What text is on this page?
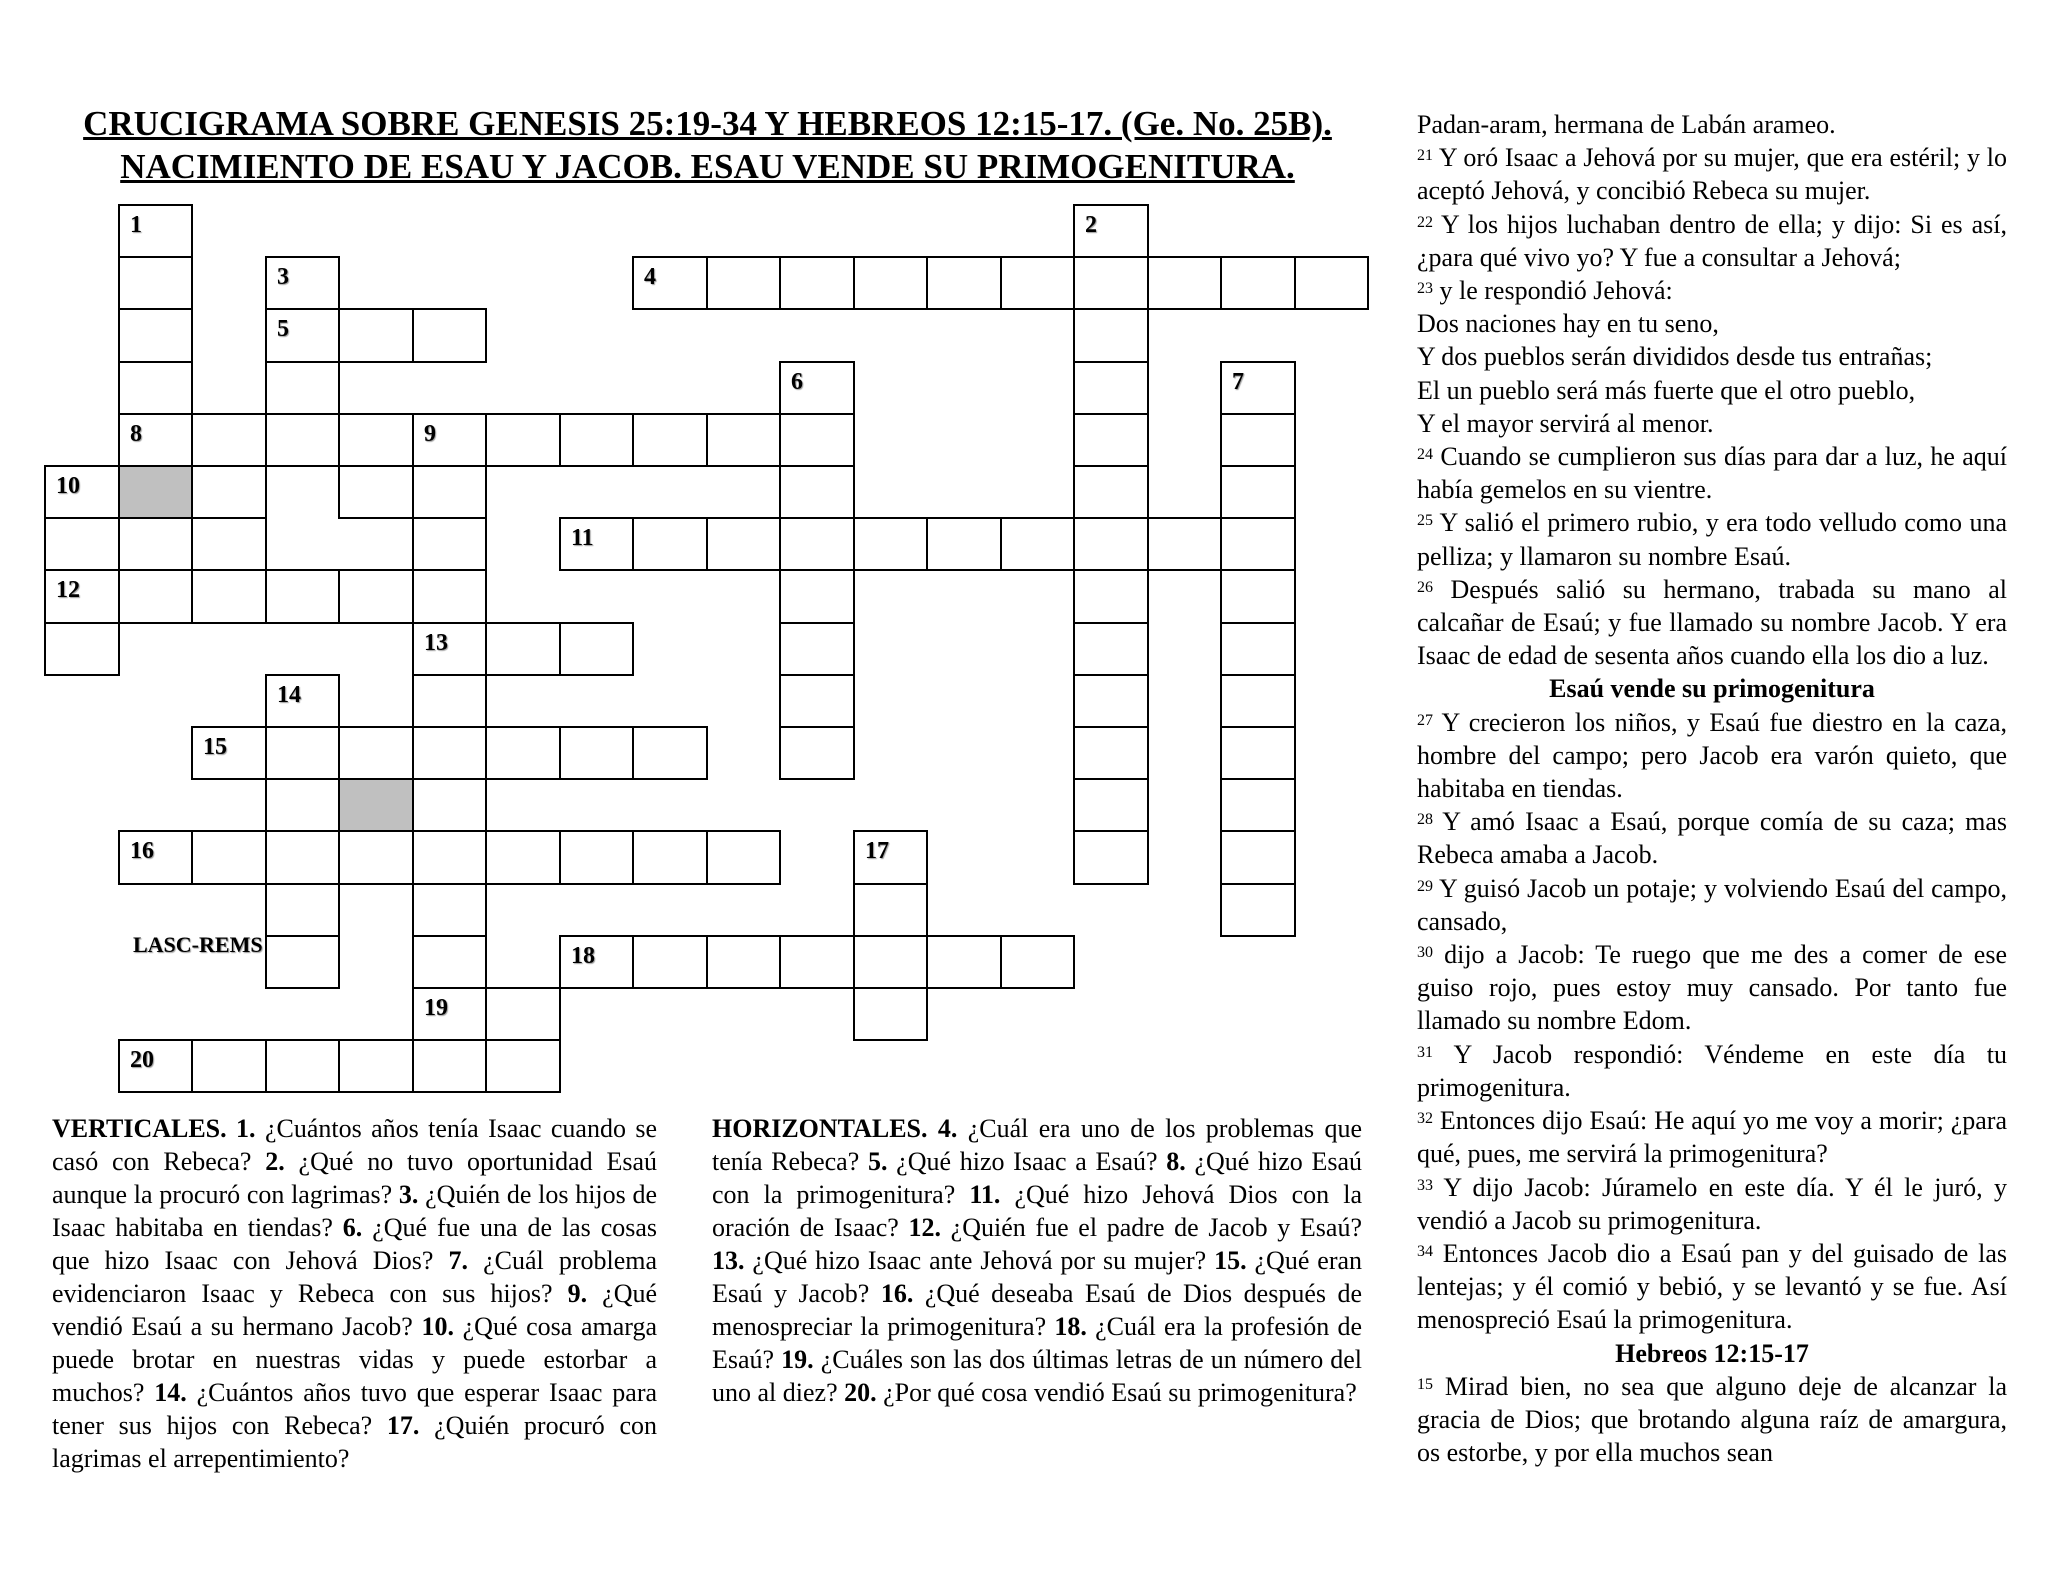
CRUCIGRAMA SOBRE GENESIS 25:19-34 Y HEBREOS 12:15-17. (Ge. No. 25B).
NACIMIENTO DE ESAU Y JACOB. ESAU VENDE SU PRIMOGENITURA.
1	2
3	4
5
6	7
8	9
10
11
12
13
14
15
16	17
18
19
20
LASC-REMS
VERTICALES. 1. ¿Cuántos años tenía Isaac cuando se casó con Rebeca? 2. ¿Qué no tuvo oportunidad Esaú aunque la procuró con lagrimas? 3. ¿Quién de los hijos de Isaac habitaba en tiendas? 6. ¿Qué fue una de las cosas que hizo Isaac con Jehová Dios? 7. ¿Cuál problema evidenciaron Isaac y Rebeca con sus hijos? 9. ¿Qué vendió Esaú a su hermano Jacob? 10. ¿Qué cosa amarga puede brotar en nuestras vidas y puede estorbar a muchos? 14. ¿Cuántos años tuvo que esperar Isaac para tener sus hijos con Rebeca? 17. ¿Quién procuró con lagrimas el arrepentimiento?
HORIZONTALES. 4. ¿Cuál era uno de los problemas que tenía Rebeca? 5. ¿Qué hizo Isaac a Esaú? 8. ¿Qué hizo Esaú con la primogenitura? 11. ¿Qué hizo Jehová Dios con la oración de Isaac? 12. ¿Quién fue el padre de Jacob y Esaú? 13. ¿Qué hizo Isaac ante Jehová por su mujer? 15. ¿Qué eran Esaú y Jacob? 16. ¿Qué deseaba Esaú de Dios después de menospreciar la primogenitura? 18. ¿Cuál era la profesión de Esaú? 19. ¿Cuáles son las dos últimas letras de un número del uno al diez? 20. ¿Por qué cosa vendió Esaú su primogenitura?
Padan-aram, hermana de Labán arameo.
$^{21}$ Y oró Isaac a Jehová por su mujer, que era estéril; y lo aceptó Jehová, y concibió Rebeca su mujer.
$^{22}$ Y los hijos luchaban dentro de ella; y dijo: Si es así, ¿para qué vivo yo? Y fue a consultar a Jehová;
$^{23}$ y le respondió Jehová:
Dos naciones hay en tu seno,
Y dos pueblos serán divididos desde tus entrañas;
El un pueblo será más fuerte que el otro pueblo,
Y el mayor servirá al menor.
$^{24}$ Cuando se cumplieron sus días para dar a luz, he aquí había gemelos en su vientre.
$^{25}$ Y salió el primero rubio, y era todo velludo como una pelliza; y llamaron su nombre Esaú.
$^{26}$ Después salió su hermano, trabada su mano al calcañar de Esaú; y fue llamado su nombre Jacob. Y era Isaac de edad de sesenta años cuando ella los dio a luz.
Esaú vende su primogenitura
$^{27}$ Y crecieron los niños, y Esaú fue diestro en la caza, hombre del campo; pero Jacob era varón quieto, que habitaba en tiendas.
$^{28}$ Y amó Isaac a Esaú, porque comía de su caza; mas Rebeca amaba a Jacob.
$^{29}$ Y guisó Jacob un potaje; y volviendo Esaú del campo, cansado,
$^{30}$ dijo a Jacob: Te ruego que me des a comer de ese guiso rojo, pues estoy muy cansado. Por tanto fue llamado su nombre Edom.
$^{31}$ Y Jacob respondió: Véndeme en este día tu primogenitura.
$^{32}$ Entonces dijo Esaú: He aquí yo me voy a morir; ¿para qué, pues, me servirá la primogenitura?
$^{33}$ Y dijo Jacob: Júramelo en este día. Y él le juró, y vendió a Jacob su primogenitura.
$^{34}$ Entonces Jacob dio a Esaú pan y del guisado de las lentejas; y él comió y bebió, y se levantó y se fue. Así menospreció Esaú la primogenitura.
Hebreos 12:15-17
$^{15}$ Mirad bien, no sea que alguno deje de alcanzar la gracia de Dios; que brotando alguna raíz de amargura, os estorbe, y por ella muchos sean
